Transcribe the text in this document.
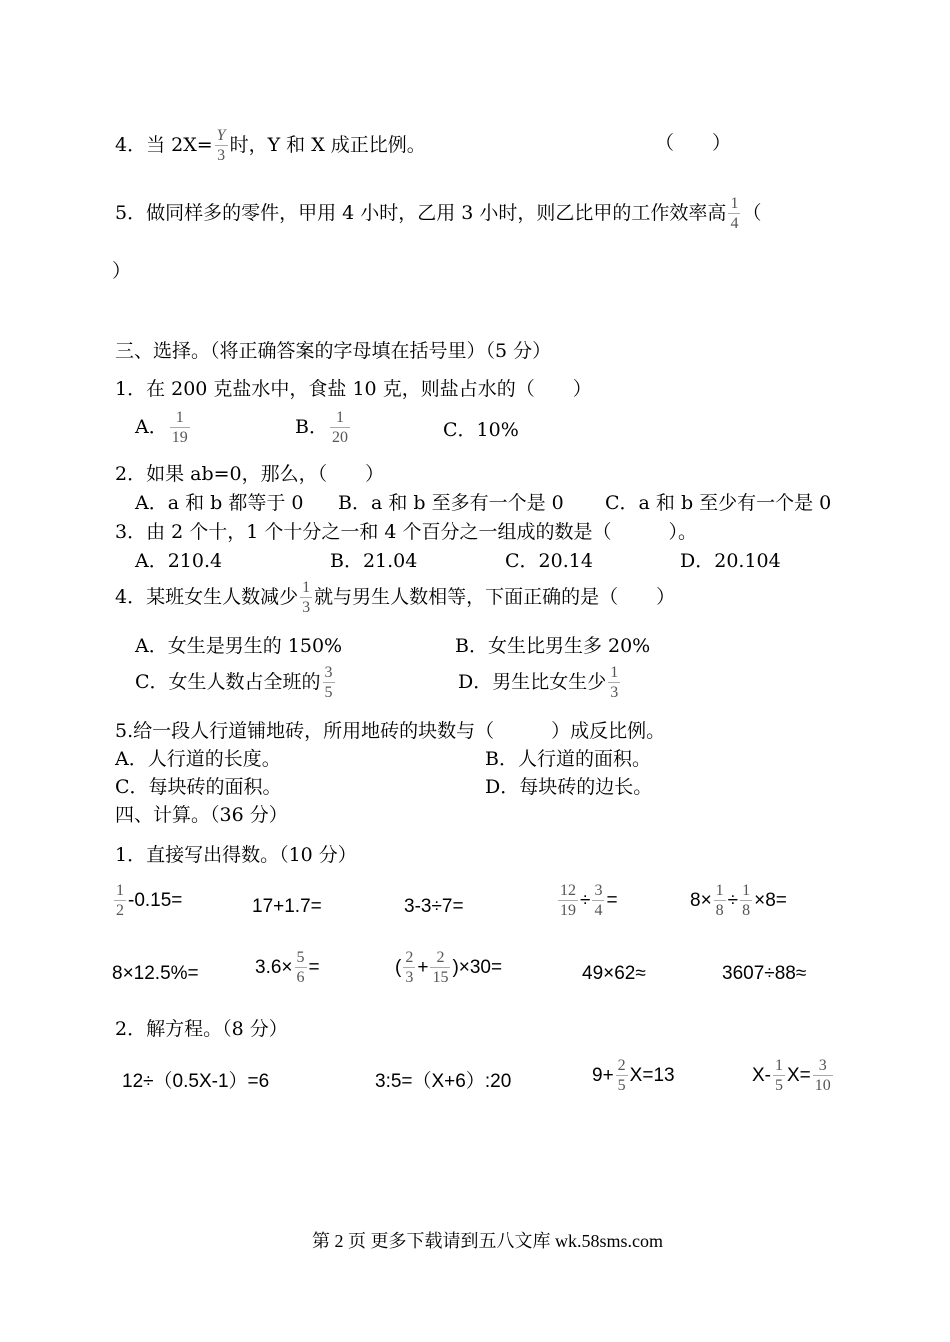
4．当 $2X= \frac{Y}{3}$ 时，Y 和 X 成正比例。	（　　）
5．做同样多的零件，甲用 4 小时，乙用 3 小时，则乙比甲的工作效率高 $\frac{1}{4}$ （
）
三、选择。（将正确答案的字母填在括号里）（5 分）
1．在 200 克盐水中，食盐 10 克，则盐占水的（　　）
A． $\frac{1}{19}$	B． $\frac{1}{20}$	C．10%
2．如果 ab=0，那么，（　　）
A．a 和 b 都等于 0 B．a 和 b 至多有一个是 0 C．a 和 b 至少有一个是 0
3．由 2 个十，1 个十分之一和 4 个百分之一组成的数是（　　　）。
A．210.4	B．21.04	C．20.14	D．20.104
4．某班女生人数减少 $\frac{1}{3}$ 就与男生人数相等，下面正确的是（　　）
A．女生是男生的 150%	B．女生比男生多 20%
C．女生人数占全班的 $\frac{3}{5}$	D．男生比女生少 $\frac{1}{3}$
5.给一段人行道铺地砖，所用地砖的块数与（　　　）成反比例。
A．人行道的长度。	B．人行道的面积。
C．每块砖的面积。	D．每块砖的边长。
四、计算。（36 分）
1．直接写出得数。（10 分）
$\frac{1}{2} -0.15=$	17+1.7=	3-3÷7=	$\frac{12}{19} \div \frac{3}{4}$ =	$8\times \frac{1}{8} \div \frac{1}{8} \times 8=$
8×12.5%=	$3.6\times \frac{5}{6}$ =	( $\frac{2}{3} + \frac{2}{15} )\times 30=$	49×62≈	3607÷88≈
2．解方程。（8 分）
12÷（0.5X-1）=6	3:5=（X+6）:20	$9+ \frac{2}{5} X=13$	$X- \frac{1}{5} X= \frac{3}{10}$
第 2 页 更多下载请到五八文库 wk.58sms.com
